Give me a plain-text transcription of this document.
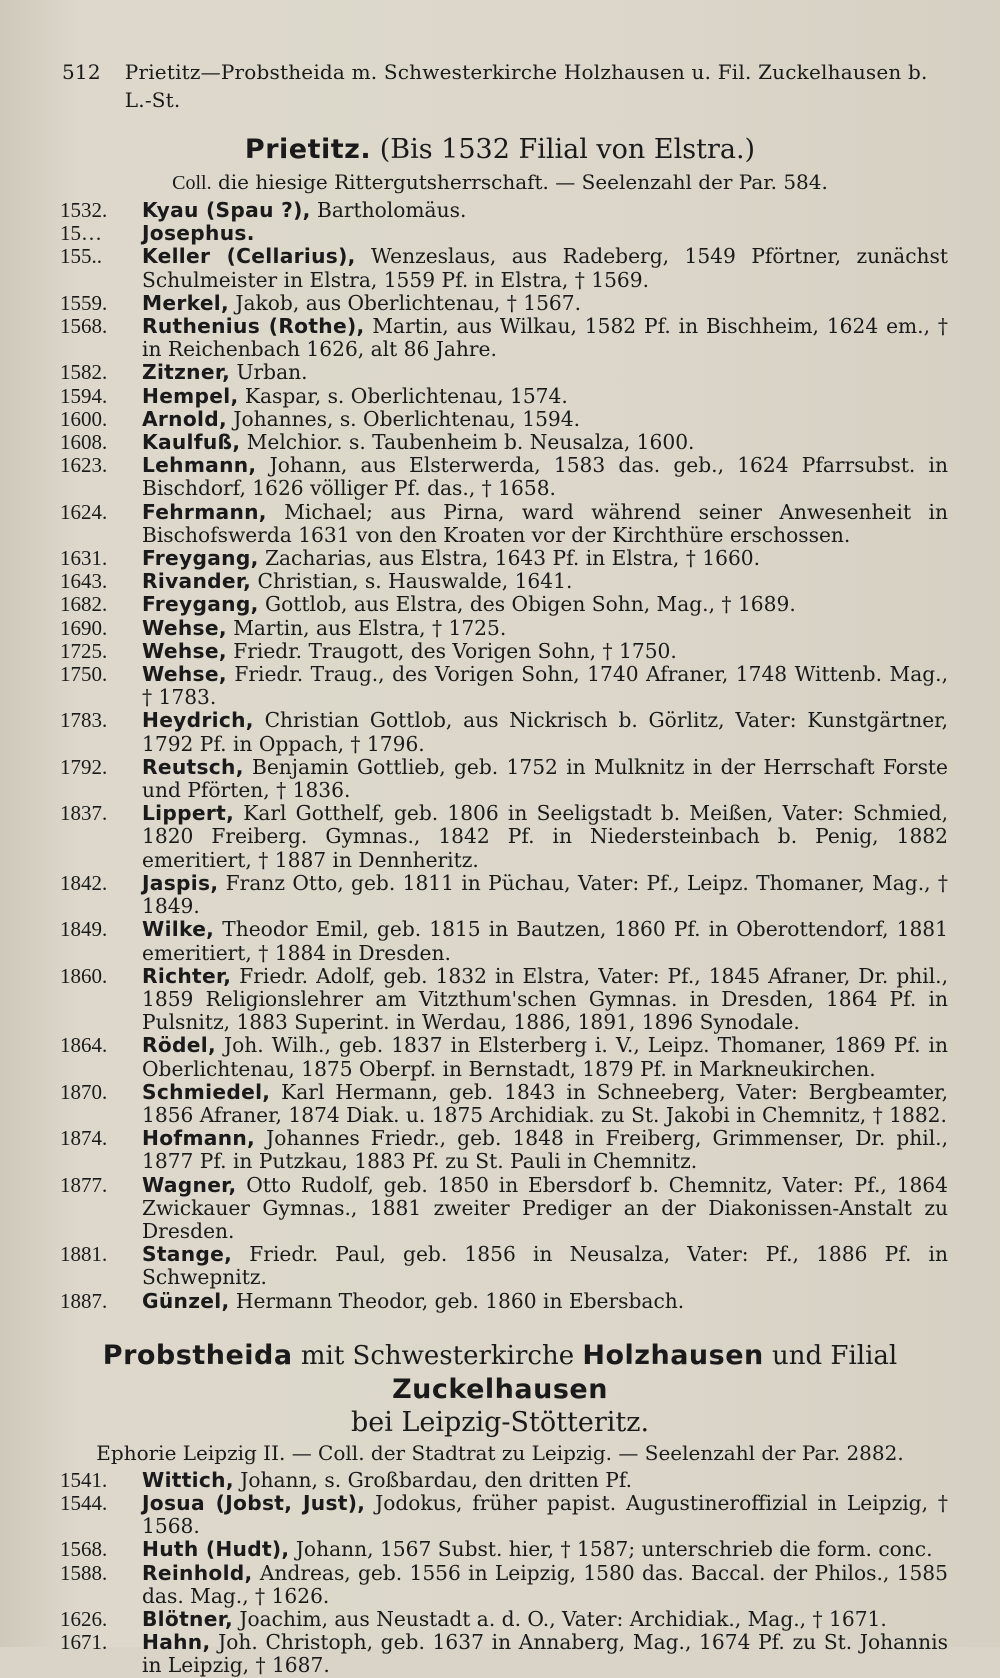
512 Prietitz—Probstheida m. Schwesterkirche Holzhausen u. Fil. Zuckelhausen b. L.-St.
Prietitz. (Bis 1532 Filial von Elstra.)
Coll. die hiesige Rittergutsherrschaft. — Seelenzahl der Par. 584.
1532.	Kyau (Spau ?), Bartholomäus.
15…	Josephus.
155..	Keller (Cellarius), Wenzeslaus, aus Radeberg, 1549 Pförtner, zunächst Schulmeister in Elstra, 1559 Pf. in Elstra, † 1569.
1559.	Merkel, Jakob, aus Oberlichtenau, † 1567.
1568.	Ruthenius (Rothe), Martin, aus Wilkau, 1582 Pf. in Bischheim, 1624 em., † in Reichenbach 1626, alt 86 Jahre.
1582.	Zitzner, Urban.
1594.	Hempel, Kaspar, s. Oberlichtenau, 1574.
1600.	Arnold, Johannes, s. Oberlichtenau, 1594.
1608.	Kaulfuß, Melchior. s. Taubenheim b. Neusalza, 1600.
1623.	Lehmann, Johann, aus Elsterwerda, 1583 das. geb., 1624 Pfarrsubst. in Bischdorf, 1626 völliger Pf. das., † 1658.
1624.	Fehrmann, Michael; aus Pirna, ward während seiner Anwesenheit in Bischofswerda 1631 von den Kroaten vor der Kirchthüre erschossen.
1631.	Freygang, Zacharias, aus Elstra, 1643 Pf. in Elstra, † 1660.
1643.	Rivander, Christian, s. Hauswalde, 1641.
1682.	Freygang, Gottlob, aus Elstra, des Obigen Sohn, Mag., † 1689.
1690.	Wehse, Martin, aus Elstra, † 1725.
1725.	Wehse, Friedr. Traugott, des Vorigen Sohn, † 1750.
1750.	Wehse, Friedr. Traug., des Vorigen Sohn, 1740 Afraner, 1748 Wittenb. Mag., † 1783.
1783.	Heydrich, Christian Gottlob, aus Nickrisch b. Görlitz, Vater: Kunstgärtner, 1792 Pf. in Oppach, † 1796.
1792.	Reutsch, Benjamin Gottlieb, geb. 1752 in Mulknitz in der Herrschaft Forste und Pförten, † 1836.
1837.	Lippert, Karl Gotthelf, geb. 1806 in Seeligstadt b. Meißen, Vater: Schmied, 1820 Freiberg. Gymnas., 1842 Pf. in Niedersteinbach b. Penig, 1882 emeritiert, † 1887 in Dennheritz.
1842.	Jaspis, Franz Otto, geb. 1811 in Püchau, Vater: Pf., Leipz. Thomaner, Mag., † 1849.
1849.	Wilke, Theodor Emil, geb. 1815 in Bautzen, 1860 Pf. in Oberottendorf, 1881 emeritiert, † 1884 in Dresden.
1860.	Richter, Friedr. Adolf, geb. 1832 in Elstra, Vater: Pf., 1845 Afraner, Dr. phil., 1859 Religionslehrer am Vitzthum'schen Gymnas. in Dresden, 1864 Pf. in Pulsnitz, 1883 Superint. in Werdau, 1886, 1891, 1896 Synodale.
1864.	Rödel, Joh. Wilh., geb. 1837 in Elsterberg i. V., Leipz. Thomaner, 1869 Pf. in Oberlichtenau, 1875 Oberpf. in Bernstadt, 1879 Pf. in Markneukirchen.
1870.	Schmiedel, Karl Hermann, geb. 1843 in Schneeberg, Vater: Bergbeamter, 1856 Afraner, 1874 Diak. u. 1875 Archidiak. zu St. Jakobi in Chemnitz, † 1882.
1874.	Hofmann, Johannes Friedr., geb. 1848 in Freiberg, Grimmenser, Dr. phil., 1877 Pf. in Putzkau, 1883 Pf. zu St. Pauli in Chemnitz.
1877.	Wagner, Otto Rudolf, geb. 1850 in Ebersdorf b. Chemnitz, Vater: Pf., 1864 Zwickauer Gymnas., 1881 zweiter Prediger an der Diakonissen-Anstalt zu Dresden.
1881.	Stange, Friedr. Paul, geb. 1856 in Neusalza, Vater: Pf., 1886 Pf. in Schwepnitz.
1887.	Günzel, Hermann Theodor, geb. 1860 in Ebersbach.
Probstheida mit Schwesterkirche Holzhausen und Filial Zuckelhausen
bei Leipzig-Stötteritz.
Ephorie Leipzig II. — Coll. der Stadtrat zu Leipzig. — Seelenzahl der Par. 2882.
1541.	Wittich, Johann, s. Großbardau, den dritten Pf.
1544.	Josua (Jobst, Just), Jodokus, früher papist. Augustineroffizial in Leipzig, † 1568.
1568.	Huth (Hudt), Johann, 1567 Subst. hier, † 1587; unterschrieb die form. conc.
1588.	Reinhold, Andreas, geb. 1556 in Leipzig, 1580 das. Baccal. der Philos., 1585 das. Mag., † 1626.
1626.	Blötner, Joachim, aus Neustadt a. d. O., Vater: Archidiak., Mag., † 1671.
1671.	Hahn, Joh. Christoph, geb. 1637 in Annaberg, Mag., 1674 Pf. zu St. Johannis in Leipzig, † 1687.
